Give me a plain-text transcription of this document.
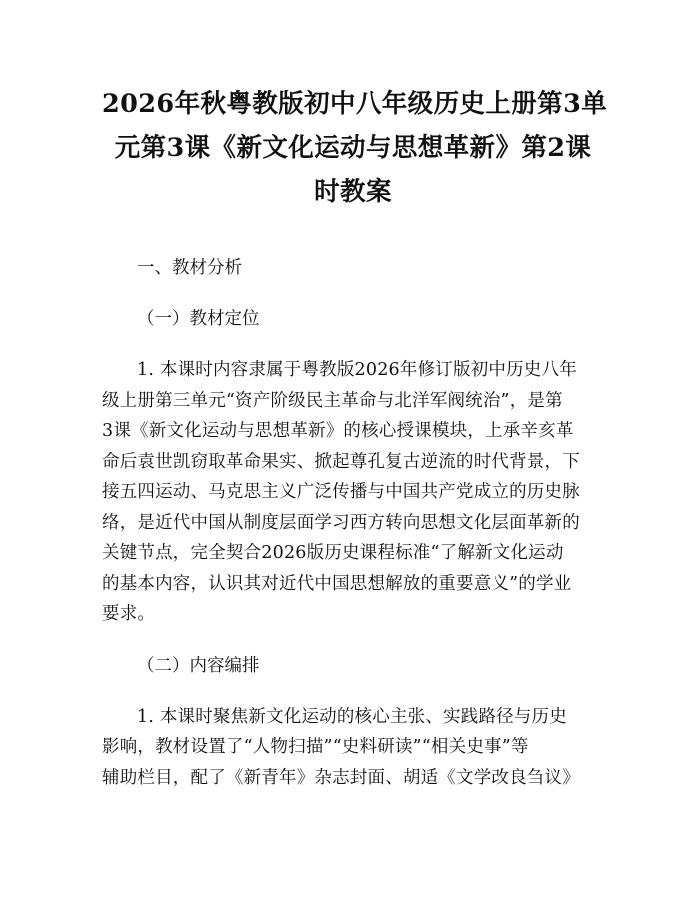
2026年秋粤教版初中八年级历史上册第3单
元第3课《新文化运动与思想革新》第2课
时教案

一、教材分析

（一）教材定位

1. 本课时内容隶属于粤教版2026年修订版初中历史八年
级上册第三单元“资产阶级民主革命与北洋军阀统治”，是第
3课《新文化运动与思想革新》的核心授课模块，上承辛亥革
命后袁世凯窃取革命果实、掀起尊孔复古逆流的时代背景，下
接五四运动、马克思主义广泛传播与中国共产党成立的历史脉
络，是近代中国从制度层面学习西方转向思想文化层面革新的
关键节点，完全契合2026版历史课程标准“了解新文化运动
的基本内容，认识其对近代中国思想解放的重要意义”的学业
要求。

（二）内容编排

1. 本课时聚焦新文化运动的核心主张、实践路径与历史
影响，教材设置了“人物扫描”“史料研读”“相关史事”等
辅助栏目，配了《新青年》杂志封面、胡适《文学改良刍议》
